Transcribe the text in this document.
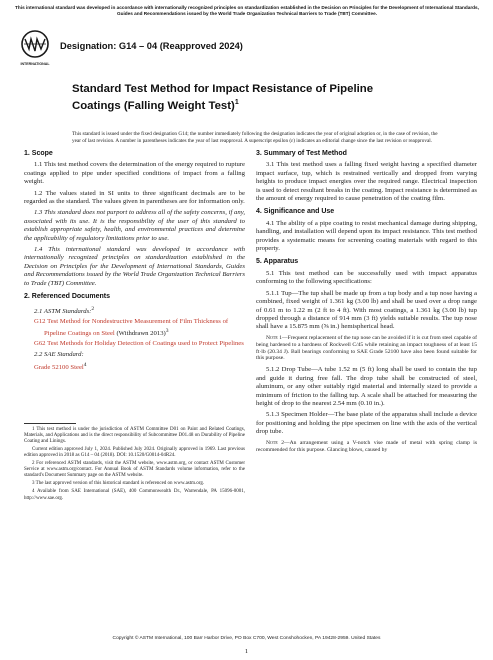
This international standard was developed in accordance with internationally recognized principles on standardization established in the Decision on Principles for the Development of International Standards, Guides and Recommendations issued by the World Trade Organization Technical Barriers to Trade (TBT) Committee.
INTERNATIONAL
Designation: G14 – 04 (Reapproved 2024)
Standard Test Method for Impact Resistance of Pipeline Coatings (Falling Weight Test)$^1$
This standard is issued under the fixed designation G14; the number immediately following the designation indicates the year of original adoption or, in the case of revision, the year of last revision. A number in parentheses indicates the year of last reapproval. A superscript epsilon (ε) indicates an editorial change since the last revision or reapproval.
1. Scope

1.1 This test method covers the determination of the energy required to rupture coatings applied to pipe under specified conditions of impact from a falling weight.

1.2 The values stated in SI units to three significant decimals are to be regarded as the standard. The values given in parentheses are for information only.

1.3 This standard does not purport to address all of the safety concerns, if any, associated with its use. It is the responsibility of the user of this standard to establish appropriate safety, health, and environmental practices and determine the applicability of regulatory limitations prior to use.

1.4 This international standard was developed in accordance with internationally recognized principles on standardization established in the Decision on Principles for the Development of International Standards, Guides and Recommendations issued by the World Trade Organization Technical Barriers to Trade (TBT) Committee.

2. Referenced Documents
2.1 ASTM Standards:$^2$
G12 Test Method for Nondestructive Measurement of Film Thickness of Pipeline Coatings on Steel (Withdrawn 2013)$^3$
G62 Test Methods for Holiday Detection of Coatings used to Protect Pipelines
2.2 SAE Standard:
Grade 52100 Steel$^4$

1 This test method is under the jurisdiction of ASTM Committee D01 on Paint and Related Coatings, Materials, and Applications and is the direct responsibility of Subcommittee D01.48 on Durability of Pipeline Coating and Linings.

Current edition approved July 1, 2024. Published July 2024. Originally approved in 1969. Last previous edition approved in 2018 as G14 – 04 (2018). DOI: 10.1520/G0014-04R24.

2 For referenced ASTM standards, visit the ASTM website, www.astm.org, or contact ASTM Customer Service at www.astm.org/contact. For Annual Book of ASTM Standards volume information, refer to the standard's Document Summary page on the ASTM website.

3 The last approved version of this historical standard is referenced on www.astm.org.

4 Available from SAE International (SAE), 400 Commonwealth Dr., Warrendale, PA 15096-0001, http://www.sae.org.

3. Summary of Test Method

3.1 This test method uses a falling fixed weight having a specified diameter impact surface, tup, which is restrained vertically and dropped from varying heights to produce impact energies over the required range. Electrical inspection is used to detect resultant breaks in the coating. Impact resistance is determined as the amount of energy required to cause penetration of the coating film.

4. Significance and Use

4.1 The ability of a pipe coating to resist mechanical damage during shipping, handling, and installation will depend upon its impact resistance. This test method provides a systematic means for screening coating materials with regard to this property.

5. Apparatus

5.1 This test method can be successfully used with impact apparatus conforming to the following specifications:

5.1.1 Tup—The tup shall be made up from a tup body and a tup nose having a combined, fixed weight of 1.361 kg (3.00 lb) and shall be used over a drop range of 0.61 m to 1.22 m (2 ft to 4 ft). With most coatings, a 1.361 kg (3.00 lb) tup dropped through a distance of 914 mm (3 ft) yields suitable results. The tup nose shall have a 15.875 mm (⅝ in.) hemispherical head.

Note 1—Frequent replacement of the tup nose can be avoided if it is cut from steel capable of being hardened to a hardness of Rockwell C/45 while retaining an impact toughness of at least 15 ft·lb (20.34 J). Ball bearings conforming to SAE Grade 52100 have also been found suitable for this purpose.

5.1.2 Drop Tube—A tube 1.52 m (5 ft) long shall be used to contain the tup and guide it during free fall. The drop tube shall be constructed of steel, aluminum, or any other suitably rigid material and internally sized to provide a minimum of friction to the falling tup. A scale shall be attached for measuring the height of drop to the nearest 2.54 mm (0.10 in.).

5.1.3 Specimen Holder—The base plate of the apparatus shall include a device for positioning and holding the pipe specimen on line with the axis of the vertical drop tube.

Note 2—An arrangement using a V-notch vise made of metal with spring clamp is recommended for this purpose. Glancing blows, caused by

Copyright © ASTM International, 100 Barr Harbor Drive, PO Box C700, West Conshohocken, PA 19428-2959. United States
1
